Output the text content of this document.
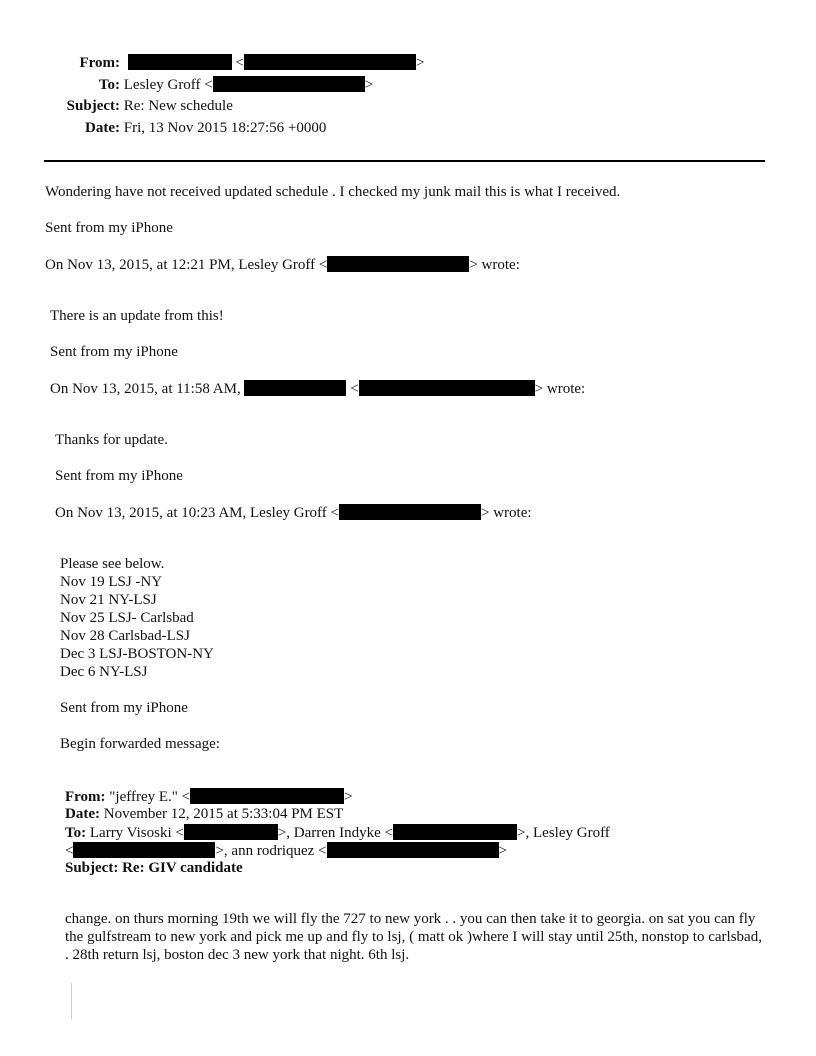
From:	<	>
To: Lesley Groff <	>
Subject: Re: New schedule
Date: Fri, 13 Nov 2015 18:27:56 +0000
Wondering have not received updated schedule . I checked my junk mail this is what I received.
Sent from my iPhone
On Nov 13, 2015, at 12:21 PM, Lesley Groff <	> wrote:
There is an update from this!
Sent from my iPhone
On Nov 13, 2015, at 11:58 AM,	<	> wrote:
Thanks for update.
Sent from my iPhone
On Nov 13, 2015, at 10:23 AM, Lesley Groff <	> wrote:
Please see below.
Nov 19 LSJ -NY
Nov 21 NY-LSJ
Nov 25 LSJ- Carlsbad
Nov 28 Carlsbad-LSJ
Dec 3 LSJ-BOSTON-NY
Dec 6 NY-LSJ
Sent from my iPhone
Begin forwarded message:
From: "jeffrey E." <	>
Date: November 12, 2015 at 5:33:04 PM EST
To: Larry Visoski <	>, Darren Indyke <	>, Lesley Groff
<	>, ann rodriquez <	>
Subject: Re: GIV candidate
change. on thurs morning 19th we will fly the 727 to new york . . you can then take it to georgia. on sat you can fly the gulfstream to new york and pick me up and fly to lsj, ( matt ok )where I will stay until 25th, nonstop to carlsbad, . 28th return lsj, boston dec 3 new york that night. 6th lsj.
